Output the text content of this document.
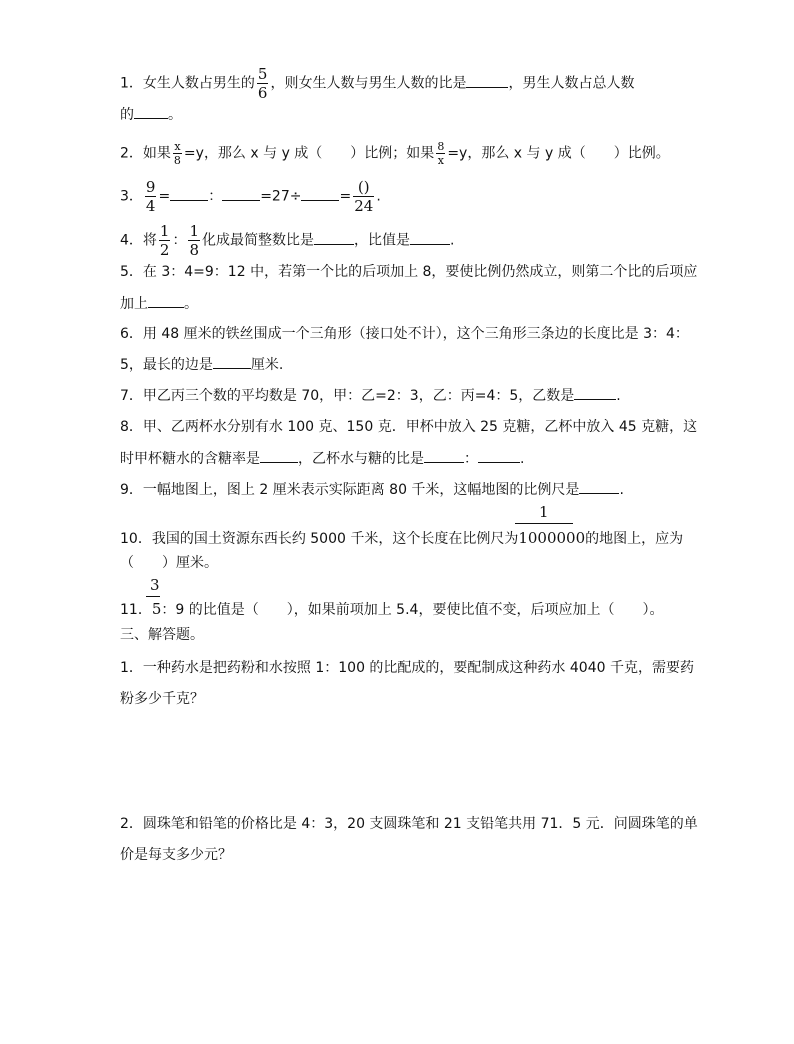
1．女生人数占男生的 $\frac{5}{6}$ ，则女生人数与男生人数的比是	，男生人数占总人数
的 。
2．如果 $\frac{x}{8} =y$，那么 x 与 y 成（　　）比例；如果 $\frac{8}{x} =y$，那么 x 与 y 成（　　）比例。
3． $\frac{9}{4}$ =	：	=27÷	= $\frac{()}{24}$ .
4．将 $\frac{1}{2}$ ： $\frac{1}{8}$ 化成最简整数比是	，比值是	.
5．在 3：4=9：12 中，若第一个比的后项加上 8，要使比例仍然成立，则第二个比的后项应
加上	。
6．用 48 厘米的铁丝围成一个三角形（接口处不计），这个三角形三条边的长度比是 3：4：
5，最长的边是	厘米.
7．甲乙丙三个数的平均数是 70，甲：乙=2：3，乙：丙=4：5，乙数是	.
8．甲、乙两杯水分别有水 100 克、150 克．甲杯中放入 25 克糖，乙杯中放入 45 克糖，这
时甲杯糖水的含糖率是	，乙杯水与糖的比是	：	.
9．一幅地图上，图上 2 厘米表示实际距离 80 千米，这幅地图的比例尺是	.
1
10．我国的国土资源东西长约 5000 千米，这个长度在比例尺为1000000的地图上，应为
（　　）厘米。
3
11．5：9 的比值是（　　），如果前项加上 5.4，要使比值不变，后项应加上（　　）。
三、解答题。
1．一种药水是把药粉和水按照 1：100 的比配成的，要配制成这种药水 4040 千克，需要药
粉多少千克？
2．圆珠笔和铅笔的价格比是 4：3，20 支圆珠笔和 21 支铅笔共用 71．5 元．问圆珠笔的单
价是每支多少元？
